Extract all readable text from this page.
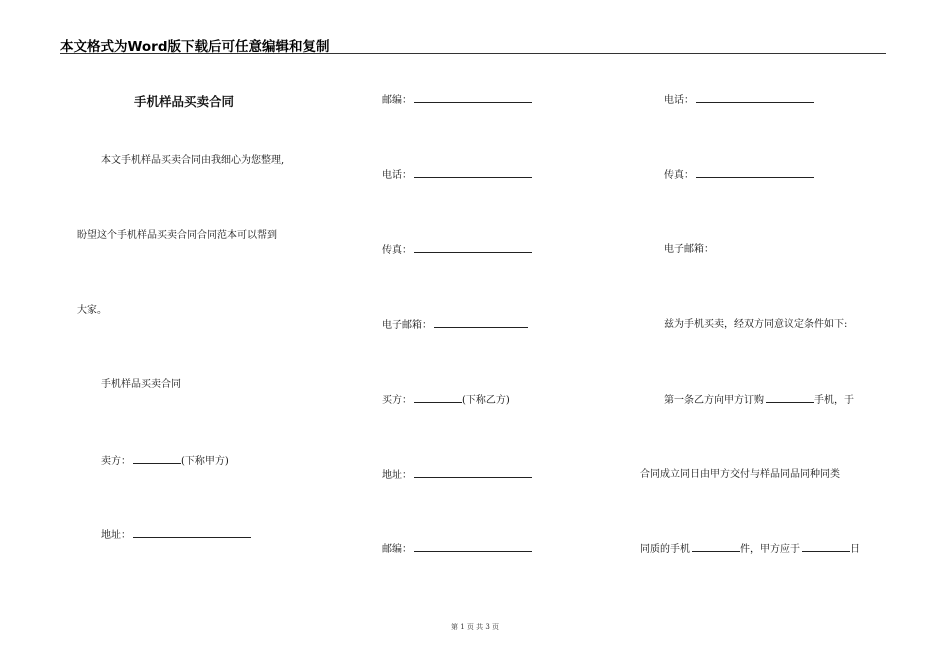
本文格式为Word版下载后可任意编辑和复制
手机样品买卖合同
本文手机样品买卖合同由我细心为您整理,
盼望这个手机样品买卖合同合同范本可以帮到
大家。
手机样品买卖合同
卖方：	(下称甲方)
地址：
邮编：
电话：
传真：
电子邮箱：
买方：	(下称乙方)
地址：
邮编：
电话：
传真：
电子邮箱：
兹为手机买卖，经双方同意议定条件如下:
第一条乙方向甲方订购	手机，于
合同成立同日由甲方交付与样品同品同种同类
同质的手机	件，甲方应于	日
第 1 页 共 3 页
